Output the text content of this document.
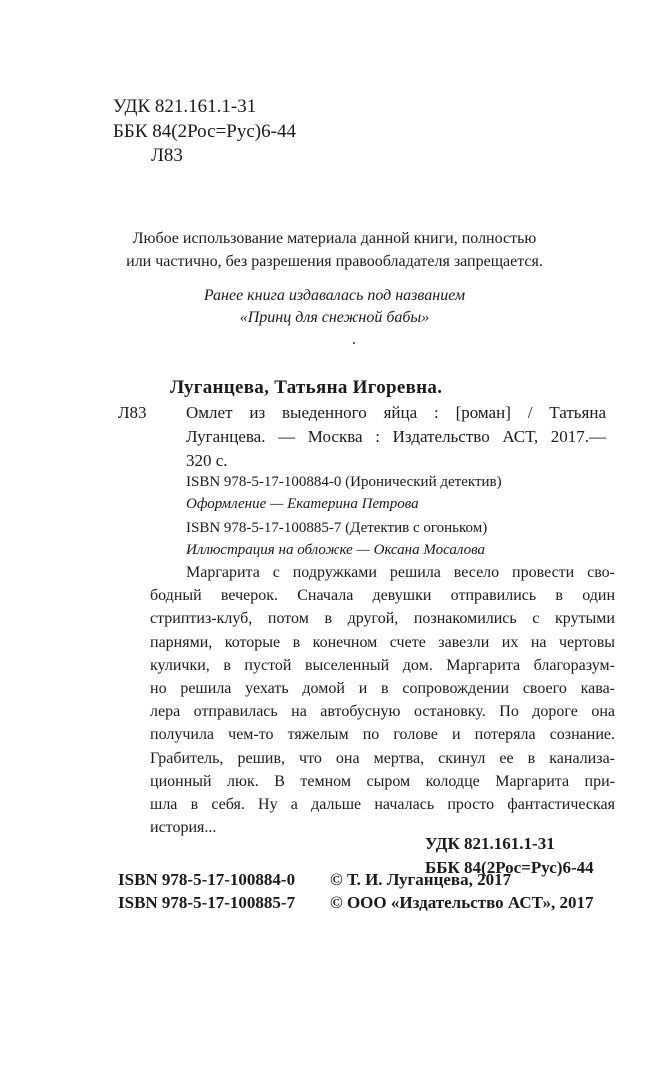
УДК 821.161.1-31
ББК 84(2Рос=Рус)6-44
Л83
Любое использование материала данной книги, полностью
или частично, без разрешения правообладателя запрещается.
Ранее книга издавалась под названием
«Принц для снежной бабы»
.
Луганцева, Татьяна Игоревна.
Л83 Омлет из выеденного яйца : [роман] / Татьяна
Луганцева. — Москва : Издательство АСТ, 2017.—
320 с.
ISBN 978-5-17-100884-0 (Иронический детектив)
Оформление — Екатерина Петрова
ISBN 978-5-17-100885-7 (Детектив с огоньком)
Иллюстрация на обложке — Оксана Мосалова
Маргарита с подружками решила весело провести сво-
бодный вечерок. Сначала девушки отправились в один
стриптиз-клуб, потом в другой, познакомились с крутыми
парнями, которые в конечном счете завезли их на чертовы
кулички, в пустой выселенный дом. Маргарита благоразум-
но решила уехать домой и в сопровождении своего кава-
лера отправилась на автобусную остановку. По дороге она
получила чем-то тяжелым по голове и потеряла сознание.
Грабитель, решив, что она мертва, скинул ее в канализа-
ционный люк. В темном сыром колодце Маргарита при-
шла в себя. Ну а дальше началась просто фантастическая
история...
УДК 821.161.1-31
ББК 84(2Рос=Рус)6-44
ISBN 978-5-17-100884-0
ISBN 978-5-17-100885-7
© Т. И. Луганцева, 2017
© ООО «Издательство АСТ», 2017
